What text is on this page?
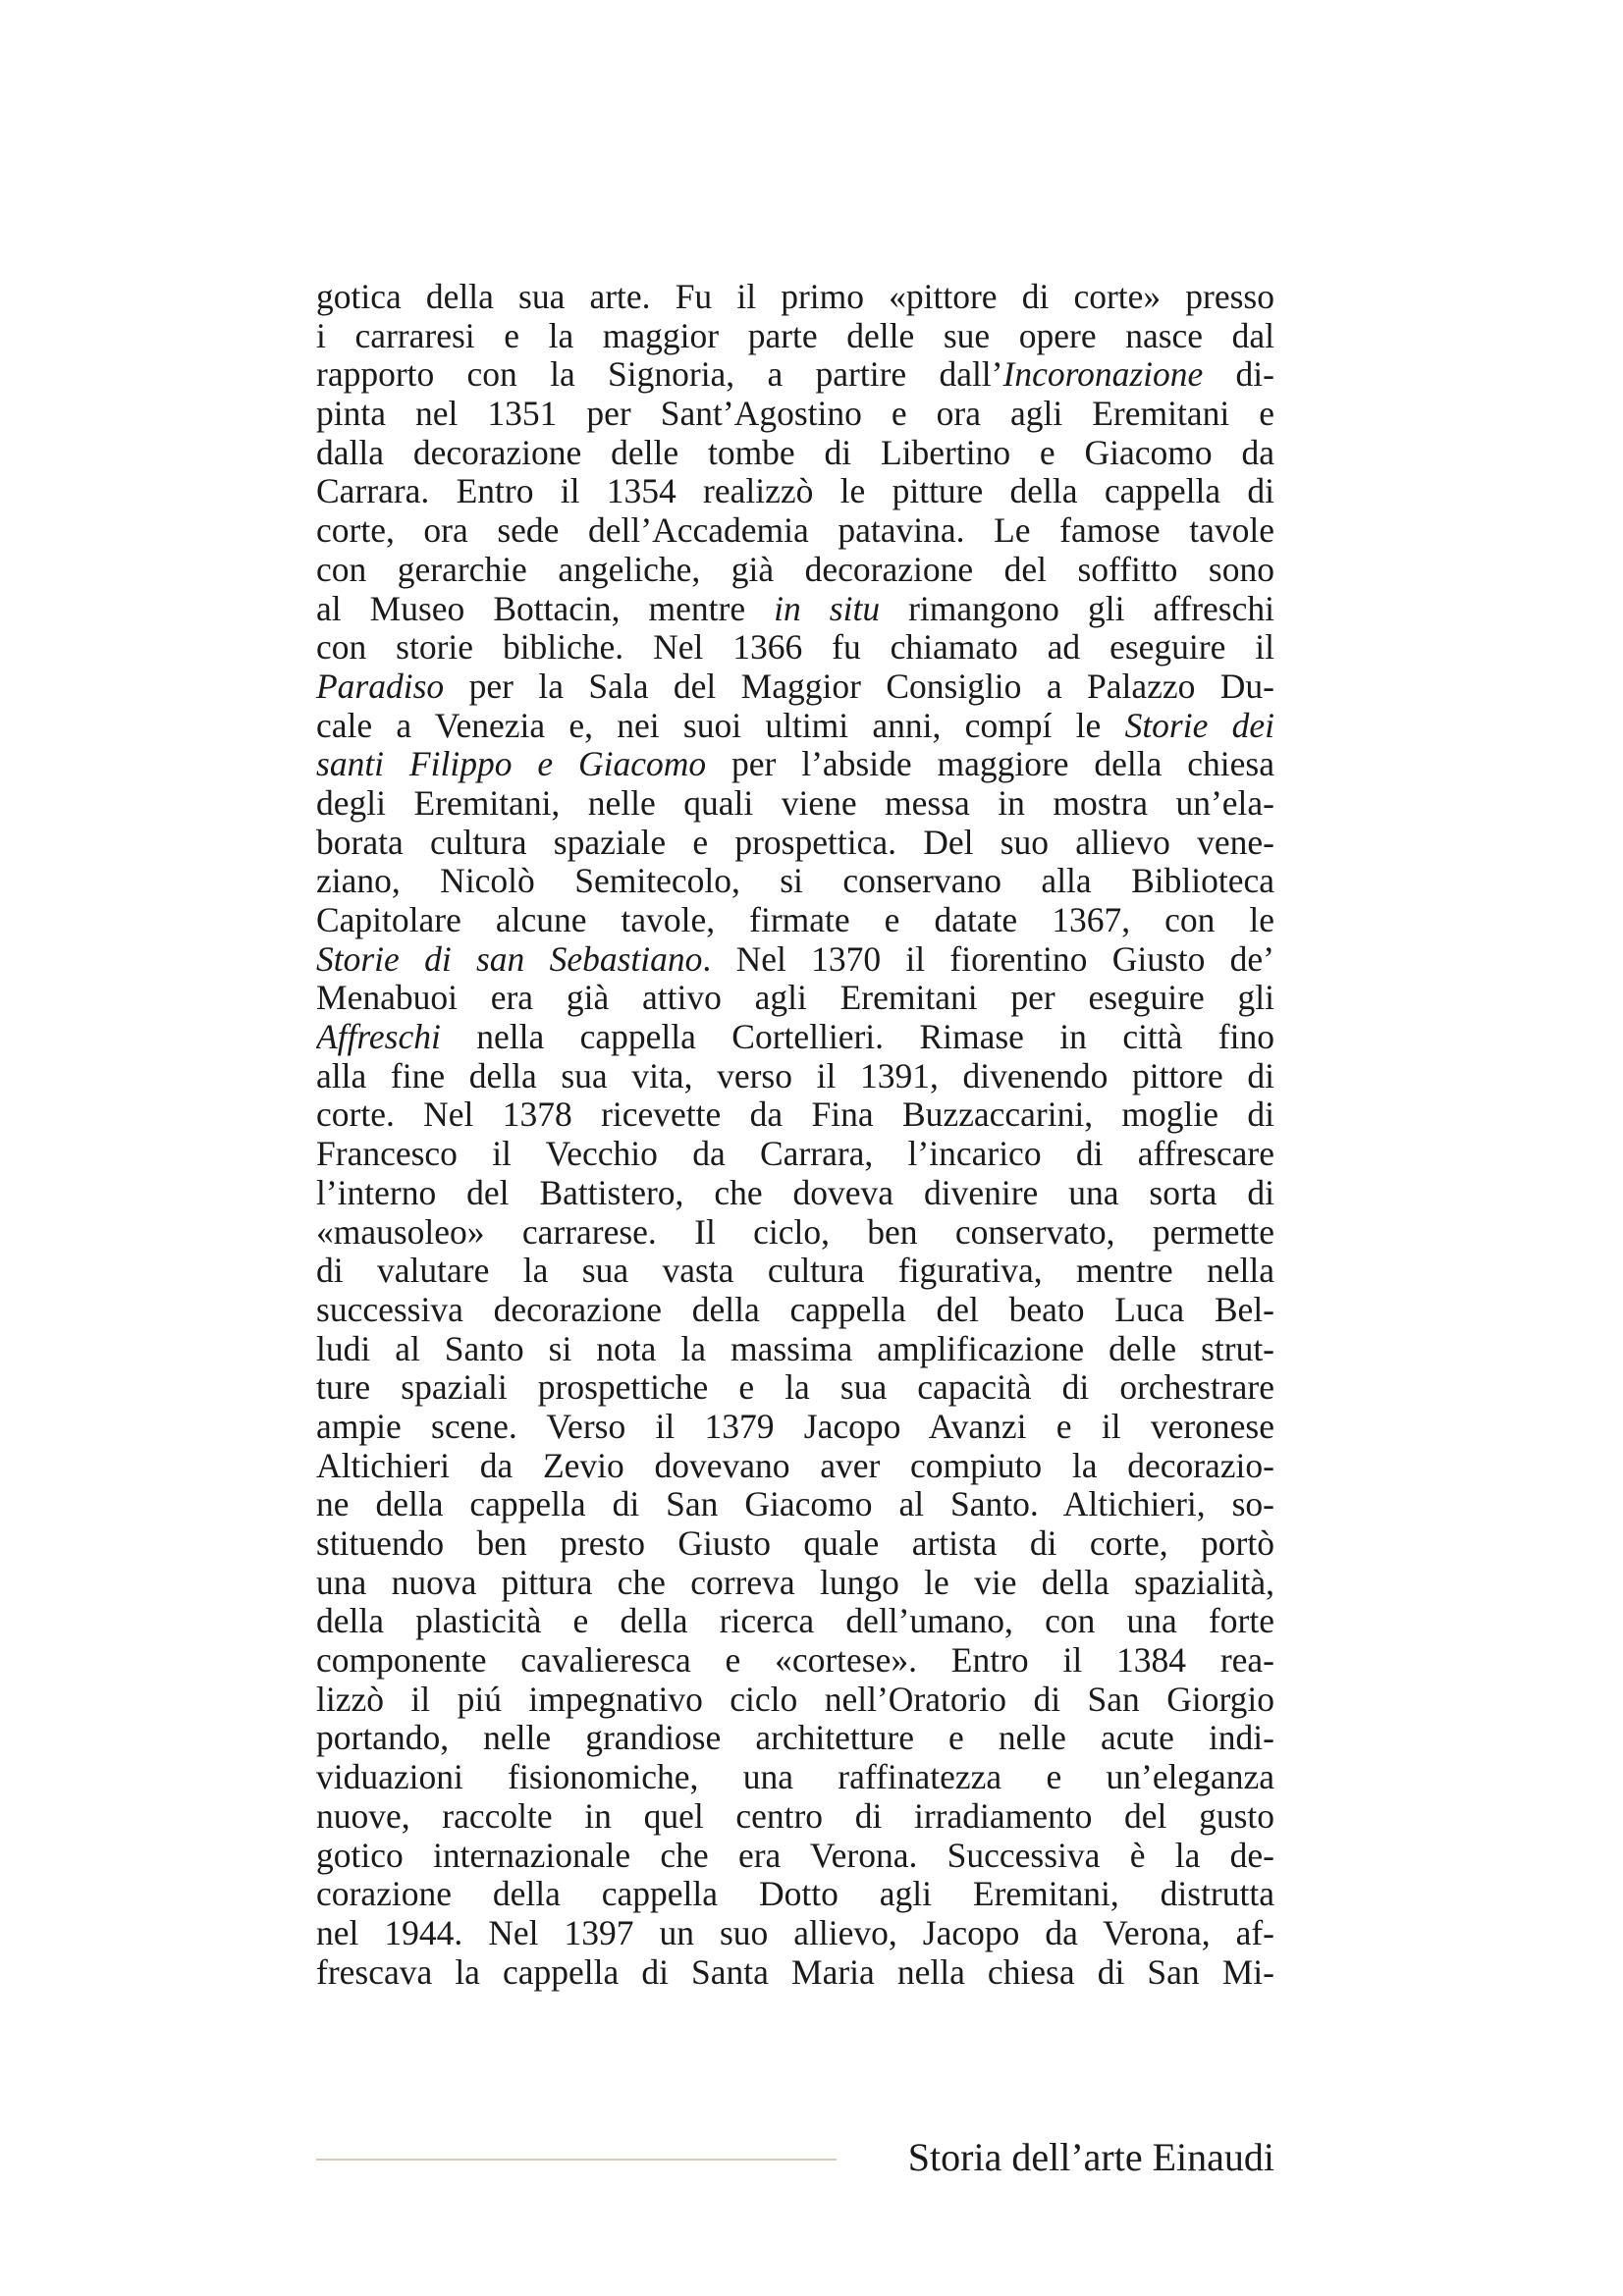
gotica della sua arte. Fu il primo «pittore di corte» presso
i carraresi e la maggior parte delle sue opere nasce dal
rapporto con la Signoria, a partire dall’Incoronazione di-
pinta nel 1351 per Sant’Agostino e ora agli Eremitani e
dalla decorazione delle tombe di Libertino e Giacomo da
Carrara. Entro il 1354 realizzò le pitture della cappella di
corte, ora sede dell’Accademia patavina. Le famose tavole
con gerarchie angeliche, già decorazione del soffitto sono
al Museo Bottacin, mentre in situ rimangono gli affreschi
con storie bibliche. Nel 1366 fu chiamato ad eseguire il
Paradiso per la Sala del Maggior Consiglio a Palazzo Du-
cale a Venezia e, nei suoi ultimi anni, compí le Storie dei
santi Filippo e Giacomo per l’abside maggiore della chiesa
degli Eremitani, nelle quali viene messa in mostra un’ela-
borata cultura spaziale e prospettica. Del suo allievo vene-
ziano, Nicolò Semitecolo, si conservano alla Biblioteca
Capitolare alcune tavole, firmate e datate 1367, con le
Storie di san Sebastiano. Nel 1370 il fiorentino Giusto de’
Menabuoi era già attivo agli Eremitani per eseguire gli
Affreschi nella cappella Cortellieri. Rimase in città fino
alla fine della sua vita, verso il 1391, divenendo pittore di
corte. Nel 1378 ricevette da Fina Buzzaccarini, moglie di
Francesco il Vecchio da Carrara, l’incarico di affrescare
l’interno del Battistero, che doveva divenire una sorta di
«mausoleo» carrarese. Il ciclo, ben conservato, permette
di valutare la sua vasta cultura figurativa, mentre nella
successiva decorazione della cappella del beato Luca Bel-
ludi al Santo si nota la massima amplificazione delle strut-
ture spaziali prospettiche e la sua capacità di orchestrare
ampie scene. Verso il 1379 Jacopo Avanzi e il veronese
Altichieri da Zevio dovevano aver compiuto la decorazio-
ne della cappella di San Giacomo al Santo. Altichieri, so-
stituendo ben presto Giusto quale artista di corte, portò
una nuova pittura che correva lungo le vie della spazialità,
della plasticità e della ricerca dell’umano, con una forte
componente cavalieresca e «cortese». Entro il 1384 rea-
lizzò il piú impegnativo ciclo nell’Oratorio di San Giorgio
portando, nelle grandiose architetture e nelle acute indi-
viduazioni fisionomiche, una raffinatezza e un’eleganza
nuove, raccolte in quel centro di irradiamento del gusto
gotico internazionale che era Verona. Successiva è la de-
corazione della cappella Dotto agli Eremitani, distrutta
nel 1944. Nel 1397 un suo allievo, Jacopo da Verona, af-
frescava la cappella di Santa Maria nella chiesa di San Mi-
Storia dell’arte Einaudi
